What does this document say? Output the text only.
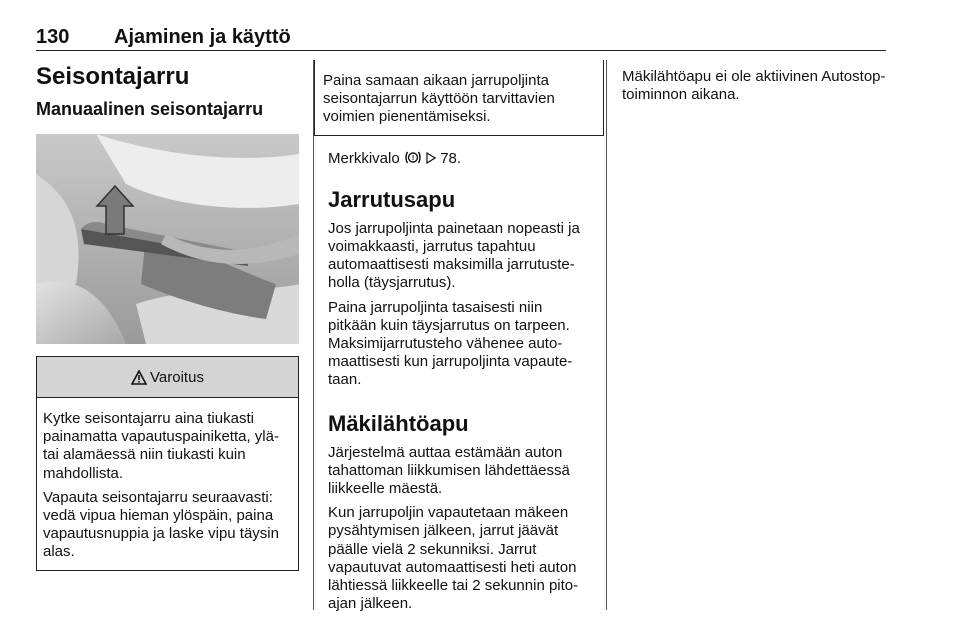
130 Ajaminen ja käyttö
Seisontajarru
Manuaalinen seisontajarru
Varoitus

Kytke seisontajarru aina tiukasti painamatta vapautuspainiketta, ylä- tai alamäessä niin tiukasti kuin mahdollista.

Vapauta seisontajarru seuraavasti: vedä vipua hieman ylöspäin, paina vapautusnuppia ja laske vipu täysin alas.

Paina samaan aikaan jarrupoljinta seisontajarrun käyttöön tarvittavien voimien pienentämiseksi.

Merkkivalo ! 78.

Jarrutusapu

Jos jarrupoljinta painetaan nopeasti ja voimakkaasti, jarrutus tapahtuu automaattisesti maksimilla jarrutusteholla (täysjarrutus).

Paina jarrupoljinta tasaisesti niin pitkään kuin täysjarrutus on tarpeen. Maksimijarrutusteho vähenee automaattisesti kun jarrupoljinta vapautetaan.

Mäkilähtöapu

Järjestelmä auttaa estämään auton tahattoman liikkumisen lähdettäessä liikkeelle mäestä.

Kun jarrupoljin vapautetaan mäkeen pysähtymisen jälkeen, jarrut jäävät päälle vielä 2 sekunniksi. Jarrut vapautuvat automaattisesti heti auton lähtiessä liikkeelle tai 2 sekunnin pitoajan jälkeen.

Mäkilähtöapu ei ole aktiivinen Autostop-toiminnon aikana.
